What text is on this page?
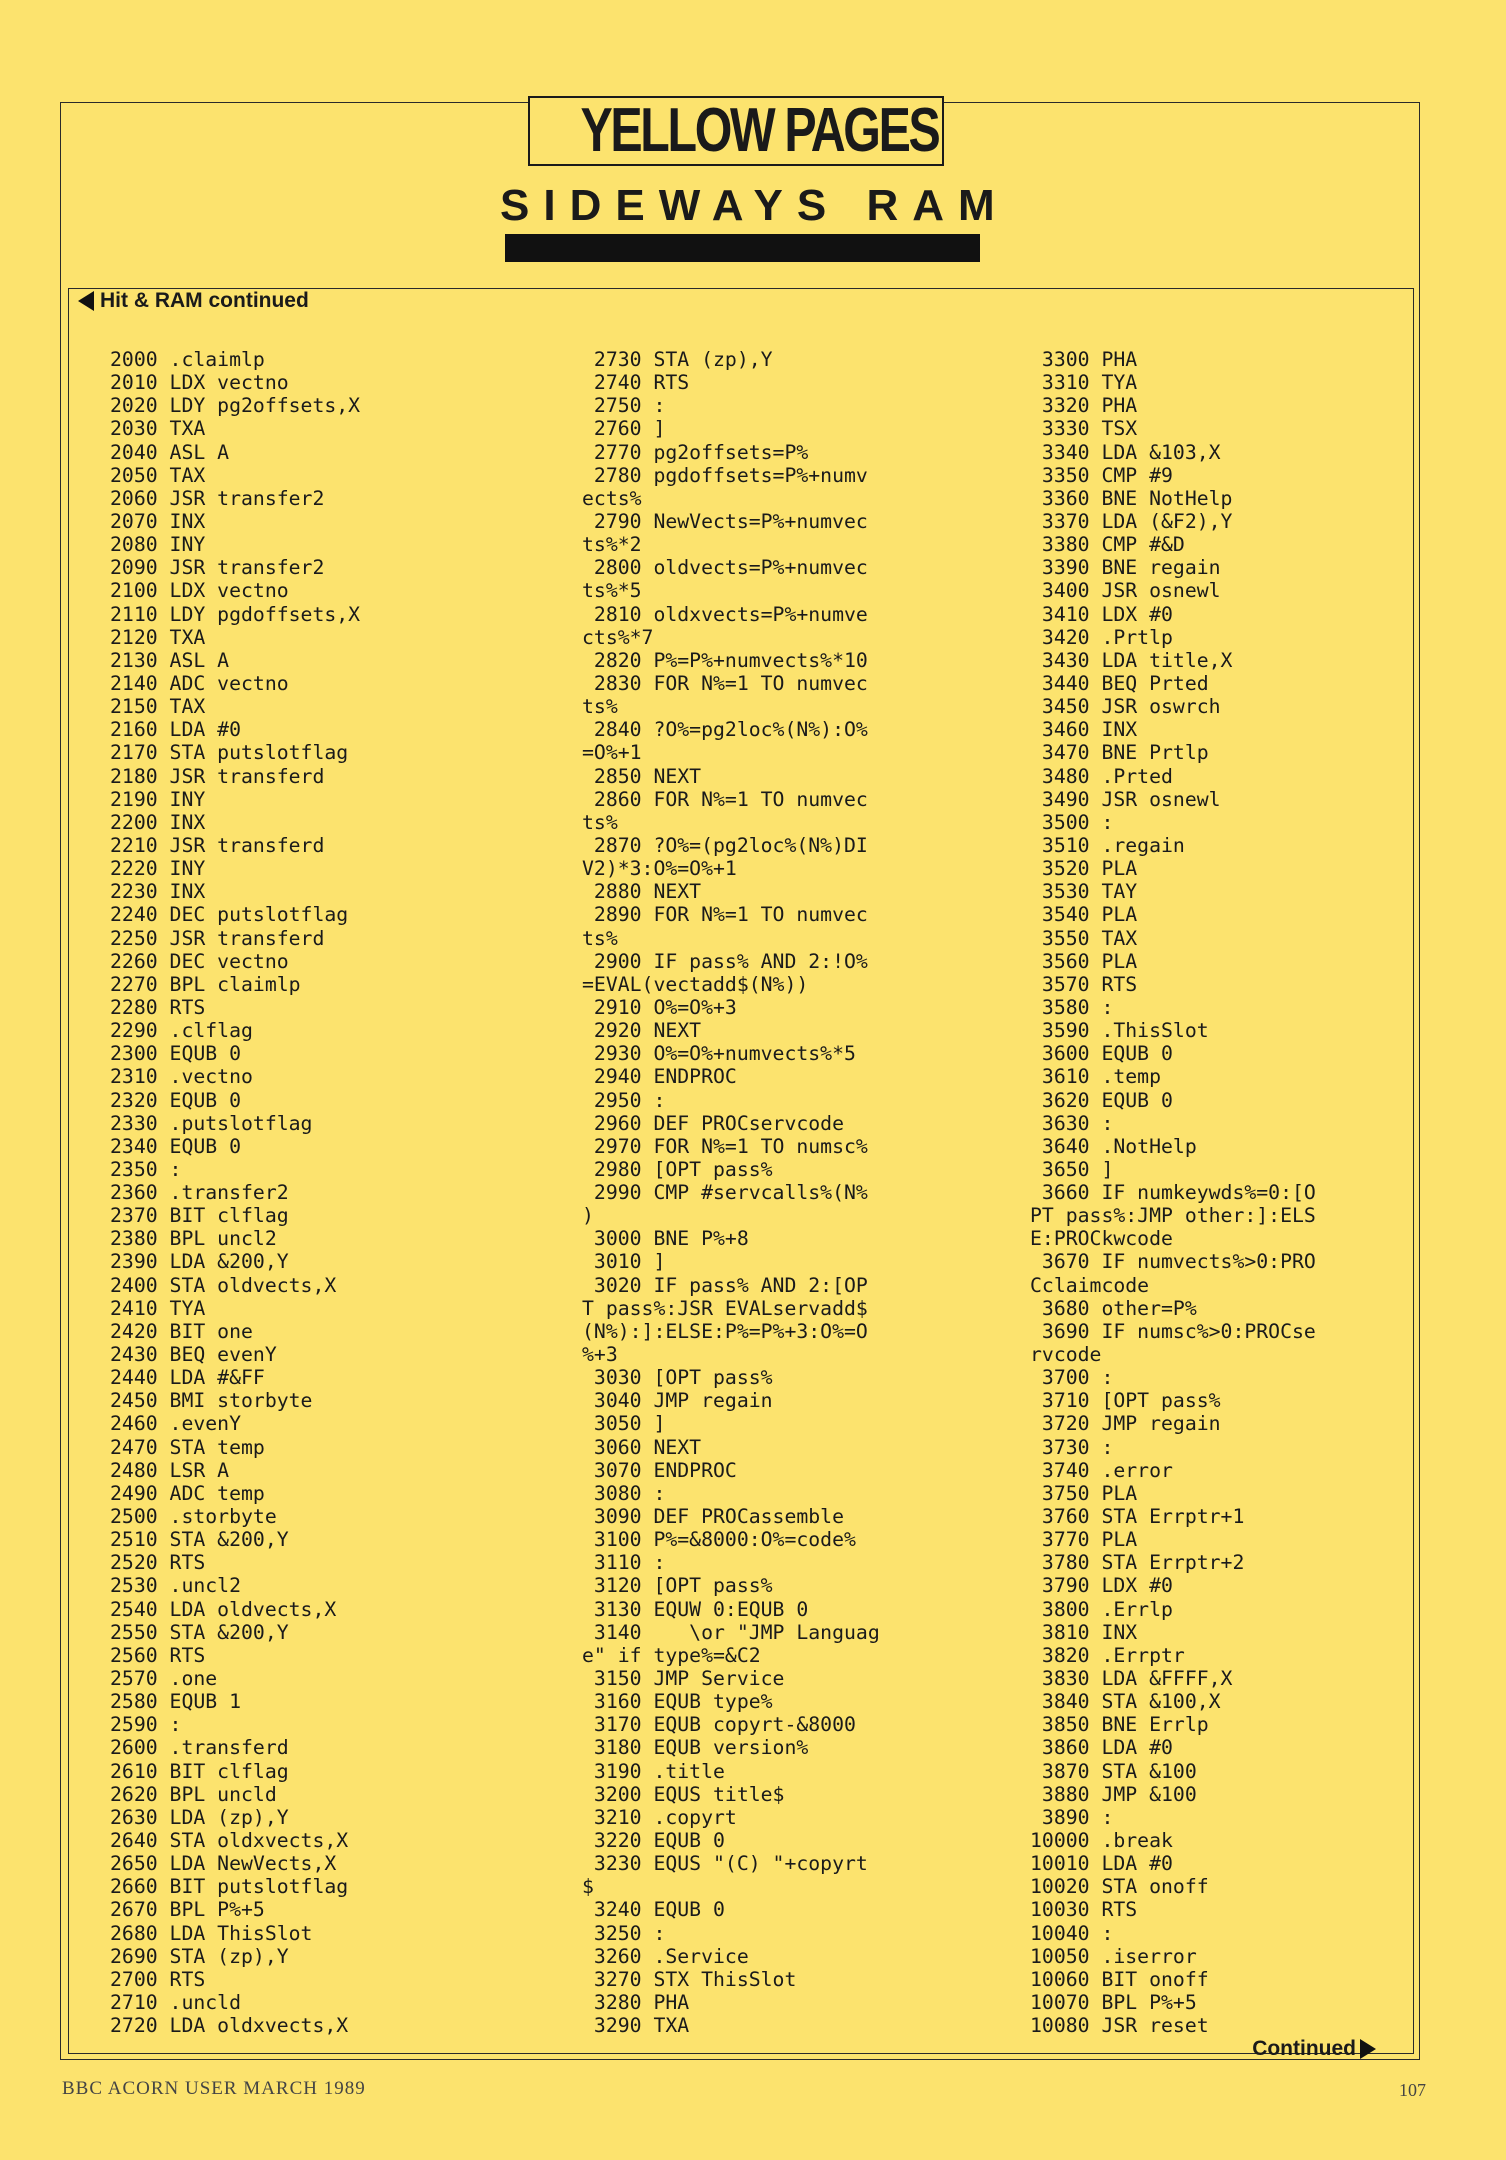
YELLOW PAGES
SIDEWAYS RAM
Hit & RAM continued
2000 .claimlp
2010 LDX vectno
2020 LDY pg2offsets,X
2030 TXA
2040 ASL A
2050 TAX
2060 JSR transfer2
2070 INX
2080 INY
2090 JSR transfer2
2100 LDX vectno
2110 LDY pgdoffsets,X
2120 TXA
2130 ASL A
2140 ADC vectno
2150 TAX
2160 LDA #0
2170 STA putslotflag
2180 JSR transferd
2190 INY
2200 INX
2210 JSR transferd
2220 INY
2230 INX
2240 DEC putslotflag
2250 JSR transferd
2260 DEC vectno
2270 BPL claimlp
2280 RTS
2290 .clflag
2300 EQUB 0
2310 .vectno
2320 EQUB 0
2330 .putslotflag
2340 EQUB 0
2350 :
2360 .transfer2
2370 BIT clflag
2380 BPL uncl2
2390 LDA &200,Y
2400 STA oldvects,X
2410 TYA
2420 BIT one
2430 BEQ evenY
2440 LDA #&FF
2450 BMI storbyte
2460 .evenY
2470 STA temp
2480 LSR A
2490 ADC temp
2500 .storbyte
2510 STA &200,Y
2520 RTS
2530 .uncl2
2540 LDA oldvects,X
2550 STA &200,Y
2560 RTS
2570 .one
2580 EQUB 1
2590 :
2600 .transferd
2610 BIT clflag
2620 BPL uncld
2630 LDA (zp),Y
2640 STA oldxvects,X
2650 LDA NewVects,X
2660 BIT putslotflag
2670 BPL P%+5
2680 LDA ThisSlot
2690 STA (zp),Y
2700 RTS
2710 .uncld
2720 LDA oldxvects,X
2730 STA (zp),Y
2740 RTS
2750 :
2760 ]
2770 pg2offsets=P%
2780 pgdoffsets=P%+numv
ects%
2790 NewVects=P%+numvec
ts%*2
2800 oldvects=P%+numvec
ts%*5
2810 oldxvects=P%+numve
cts%*7
2820 P%=P%+numvects%*10
2830 FOR N%=1 TO numvec
ts%
2840 ?O%=pg2loc%(N%):O%
=O%+1
2850 NEXT
2860 FOR N%=1 TO numvec
ts%
2870 ?O%=(pg2loc%(N%)DI
V2)*3:O%=O%+1
2880 NEXT
2890 FOR N%=1 TO numvec
ts%
2900 IF pass% AND 2:!O%
=EVAL(vectadd$(N%))
2910 O%=O%+3
2920 NEXT
2930 O%=O%+numvects%*5
2940 ENDPROC
2950 :
2960 DEF PROCservcode
2970 FOR N%=1 TO numsc%
2980 [OPT pass%
2990 CMP #servcalls%(N%
)
3000 BNE P%+8
3010 ]
3020 IF pass% AND 2:[OP
T pass%:JSR EVALservadd$
(N%):]:ELSE:P%=P%+3:O%=O
%+3
3030 [OPT pass%
3040 JMP regain
3050 ]
3060 NEXT
3070 ENDPROC
3080 :
3090 DEF PROCassemble
3100 P%=&8000:O%=code%
3110 :
3120 [OPT pass%
3130 EQUW 0:EQUB 0
3140    \or "JMP Languag
e" if type%=&C2
3150 JMP Service
3160 EQUB type%
3170 EQUB copyrt-&8000
3180 EQUB version%
3190 .title
3200 EQUS title$
3210 .copyrt
3220 EQUB 0
3230 EQUS "(C) "+copyrt
$
3240 EQUB 0
3250 :
3260 .Service
3270 STX ThisSlot
3280 PHA
3290 TXA
3300 PHA
3310 TYA
3320 PHA
3330 TSX
3340 LDA &103,X
3350 CMP #9
3360 BNE NotHelp
3370 LDA (&F2),Y
3380 CMP #&D
3390 BNE regain
3400 JSR osnewl
3410 LDX #0
3420 .Prtlp
3430 LDA title,X
3440 BEQ Prted
3450 JSR oswrch
3460 INX
3470 BNE Prtlp
3480 .Prted
3490 JSR osnewl
3500 :
3510 .regain
3520 PLA
3530 TAY
3540 PLA
3550 TAX
3560 PLA
3570 RTS
3580 :
3590 .ThisSlot
3600 EQUB 0
3610 .temp
3620 EQUB 0
3630 :
3640 .NotHelp
3650 ]
3660 IF numkeywds%=0:[O
PT pass%:JMP other:]:ELS
E:PROCkwcode
3670 IF numvects%>0:PRO
Cclaimcode
3680 other=P%
3690 IF numsc%>0:PROCse
rvcode
3700 :
3710 [OPT pass%
3720 JMP regain
3730 :
3740 .error
3750 PLA
3760 STA Errptr+1
3770 PLA
3780 STA Errptr+2
3790 LDX #0
3800 .Errlp
3810 INX
3820 .Errptr
3830 LDA &FFFF,X
3840 STA &100,X
3850 BNE Errlp
3860 LDA #0
3870 STA &100
3880 JMP &100
3890 :
10000 .break
10010 LDA #0
10020 STA onoff
10030 RTS
10040 :
10050 .iserror
10060 BIT onoff
10070 BPL P%+5
10080 JSR reset
Continued
BBC ACORN USER MARCH 1989	107
